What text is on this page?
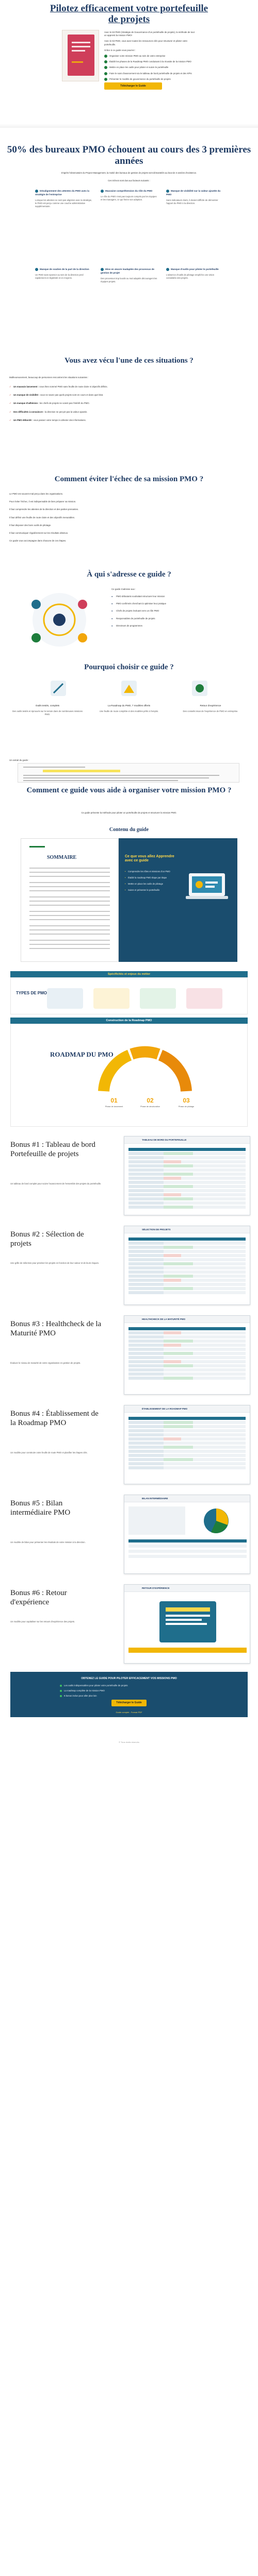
Pilotez efficacement votre portefeuille
de projets

Avec le Kit PMO (Stratégie de Gouvernance d'un portefeuille de projets), la méthode de tout un apprenti la mission PMO!

Avec le Kit PMO, vous avez toutes les ressources clés pour structurer et piloter votre portefeuille.

Grâce à ce guide vous pourrez :

Organiser votre mission PMO au sein de votre entreprise
Établir les phases de la Roadmap PMO conduisant à la réussite de la mission PMO
Mettre en place les outils pour piloter et suivre le portefeuille
Faire le suivi d'avancement via le tableau de bord portefeuille de projets et des KPIs
Présenter le modèle de gouvernance du portefeuille de projets
Télécharger le Guide
50% des bureaux PMO échouent au cours des 3 premières années

D'après l'observatoire du Project Management, la moitié des bureaux de gestion de projets sont démantelés au bout de 3 années d'existence.

Ces échecs sont dus aux facteurs suivants :

Désalignement des attentes du PMO avec la stratégie de l'entreprise

Lorsque les attentes ne sont pas alignées avec la stratégie, le PMO est perçu comme une couche administrative supplémentaire.

Mauvaise compréhension du rôle du PMO

Le rôle du PMO n'est pas toujours compris par les équipes et les managers, ce qui freine son adoption.

Manque de visibilité sur la valeur ajoutée du PMO

Sans indicateurs clairs, il devient difficile de démontrer l'apport du PMO à la direction.

Manque de soutien de la part de la direction

Un PMO sans sponsor au sein de la direction perd rapidement en légitimité et en moyens.

Mise en œuvre inadaptée des processus de gestion de projet

Des processus trop lourds ou mal adaptés découragent les équipes projets.

Manque d'outils pour piloter le portefeuille

L'absence d'outils de pilotage empêche une vision consolidée des projets.

Vous avez vécu l'une de ces situations ?

Malheureusement, beaucoup de personnes rencontrent les situations suivantes :

✓ Un mauvais lancement : vous êtes nommé PMO sans feuille de route claire ni objectifs définis.
✓ Un manque de visibilité : vous ne savez pas quels projets sont en cours et dans quel état.
✓ Un manque d'adhésion : les chefs de projets ne voient pas l'intérêt du PMO.
✓ Des difficultés à convaincre : la direction ne perçoit pas la valeur ajoutée.
✓ Un PMO débordé : vous passez votre temps à collecter des informations.
Comment éviter l'échec de sa mission PMO ?

Le PMO est souvent mal perçu dans les organisations.

Pour éviter l'échec, il est indispensable de bien préparer sa mission.

Il faut comprendre les attentes de la direction et des parties prenantes.

Il faut définir une feuille de route claire et des objectifs mesurables.

Il faut disposer des bons outils de pilotage.

Il faut communiquer régulièrement sur les résultats obtenus.

Ce guide vous accompagne dans chacune de ces étapes.

À qui s'adresse ce guide ?

Ce guide s'adresse aux :

● PMO débutants souhaitant structurer leur mission
● PMO confirmés cherchant à optimiser leur pratique
● Chefs de projets évoluant vers un rôle PMO
● Responsables de portefeuille de projets
● Directeurs de programmes
Pourquoi choisir ce guide ?
Outils testés, complets

Des outils testés et éprouvés sur le terrain dans de nombreuses missions PMO.

La Roadmap du PMO, 7 modèles offerts

Une feuille de route complète et des modèles prêts à l'emploi.

Retour d'expérience

Des conseils issus de l'expérience de PMO en entreprise.

Un extrait du guide :

Comment ce guide vous aide à organiser votre mission PMO ?

Ce guide présente la méthode pour piloter un portefeuille de projets et structurer la mission PMO.

Contenu du guide
SOMMAIRE	Ce que vous allez Apprendre avec ce guide
• Comprendre les rôles et missions d'un PMO
• Établir la roadmap PMO étape par étape
• Mettre en place les outils de pilotage
• Suivre et présenter le portefeuille
Spécificités et enjeux du métier
TYPES DE PMO
Construction de la Roadmap PMO
ROADMAP DU PMO
01
Phase de lancement
02
Phase de structuration
03
Phase de pilotage
Bonus #1 : Tableau de bord Portefeuille de projets

Un tableau de bord complet pour suivre l'avancement de l'ensemble des projets du portefeuille.

TABLEAU DE BORD DU PORTEFEUILLE
Bonus #2 : Sélection de projets

Une grille de sélection pour prioriser les projets en fonction de leur valeur et de leurs risques.

SÉLECTION DE PROJETS
Bonus #3 : Healthcheck de la Maturité PMO

Évaluez le niveau de maturité de votre organisation en gestion de projets.

HEALTHCHECK DE LA MATURITÉ PMO
Bonus #4 : Établissement de la Roadmap PMO

Un modèle pour construire votre feuille de route PMO et planifier les étapes clés.

ÉTABLISSEMENT DE LA ROADMAP PMO
Bonus #5 : Bilan intermédiaire PMO

Un modèle de bilan pour présenter les résultats de votre mission à la direction.

BILAN INTERMÉDIAIRE
Bonus #6 : Retour d'expérience

Un modèle pour capitaliser sur les retours d'expérience des projets.

RETOUR D'EXPÉRIENCE
OBTENEZ LE GUIDE POUR PILOTER EFFICACEMENT VOS MISSIONS PMO
Les outils indispensables pour piloter votre portefeuille de projets
La roadmap complète de la mission PMO
6 bonus inclus pour aller plus loin
Télécharger le Guide
Guide complet - Format PDF
© Tous droits réservés
